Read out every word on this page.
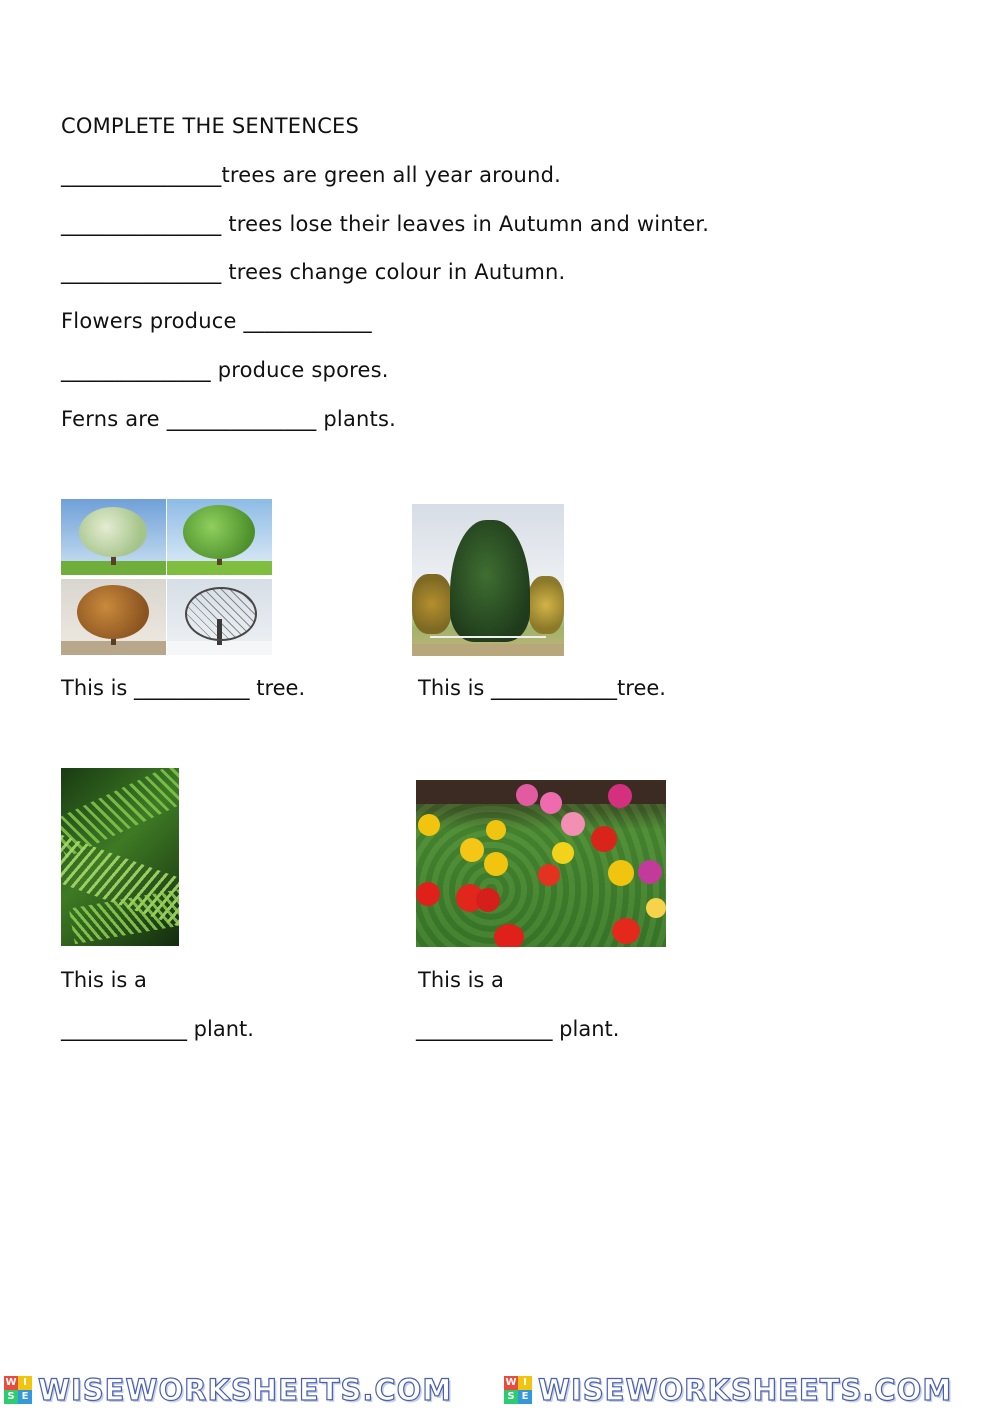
COMPLETE THE SENTENCES
_______________trees are green all year around.
_______________ trees lose their leaves in Autumn and winter.
_______________ trees change colour in Autumn.
Flowers produce ____________
______________ produce spores.
Ferns are ______________ plants.
This is ___________ tree.	This is ____________tree.
This is a
____________ plant.
This is a
_____________ plant.
W I
S E WISEWORKSHEETS.COM	W I
S E WISEWORKSHEETS.COM
